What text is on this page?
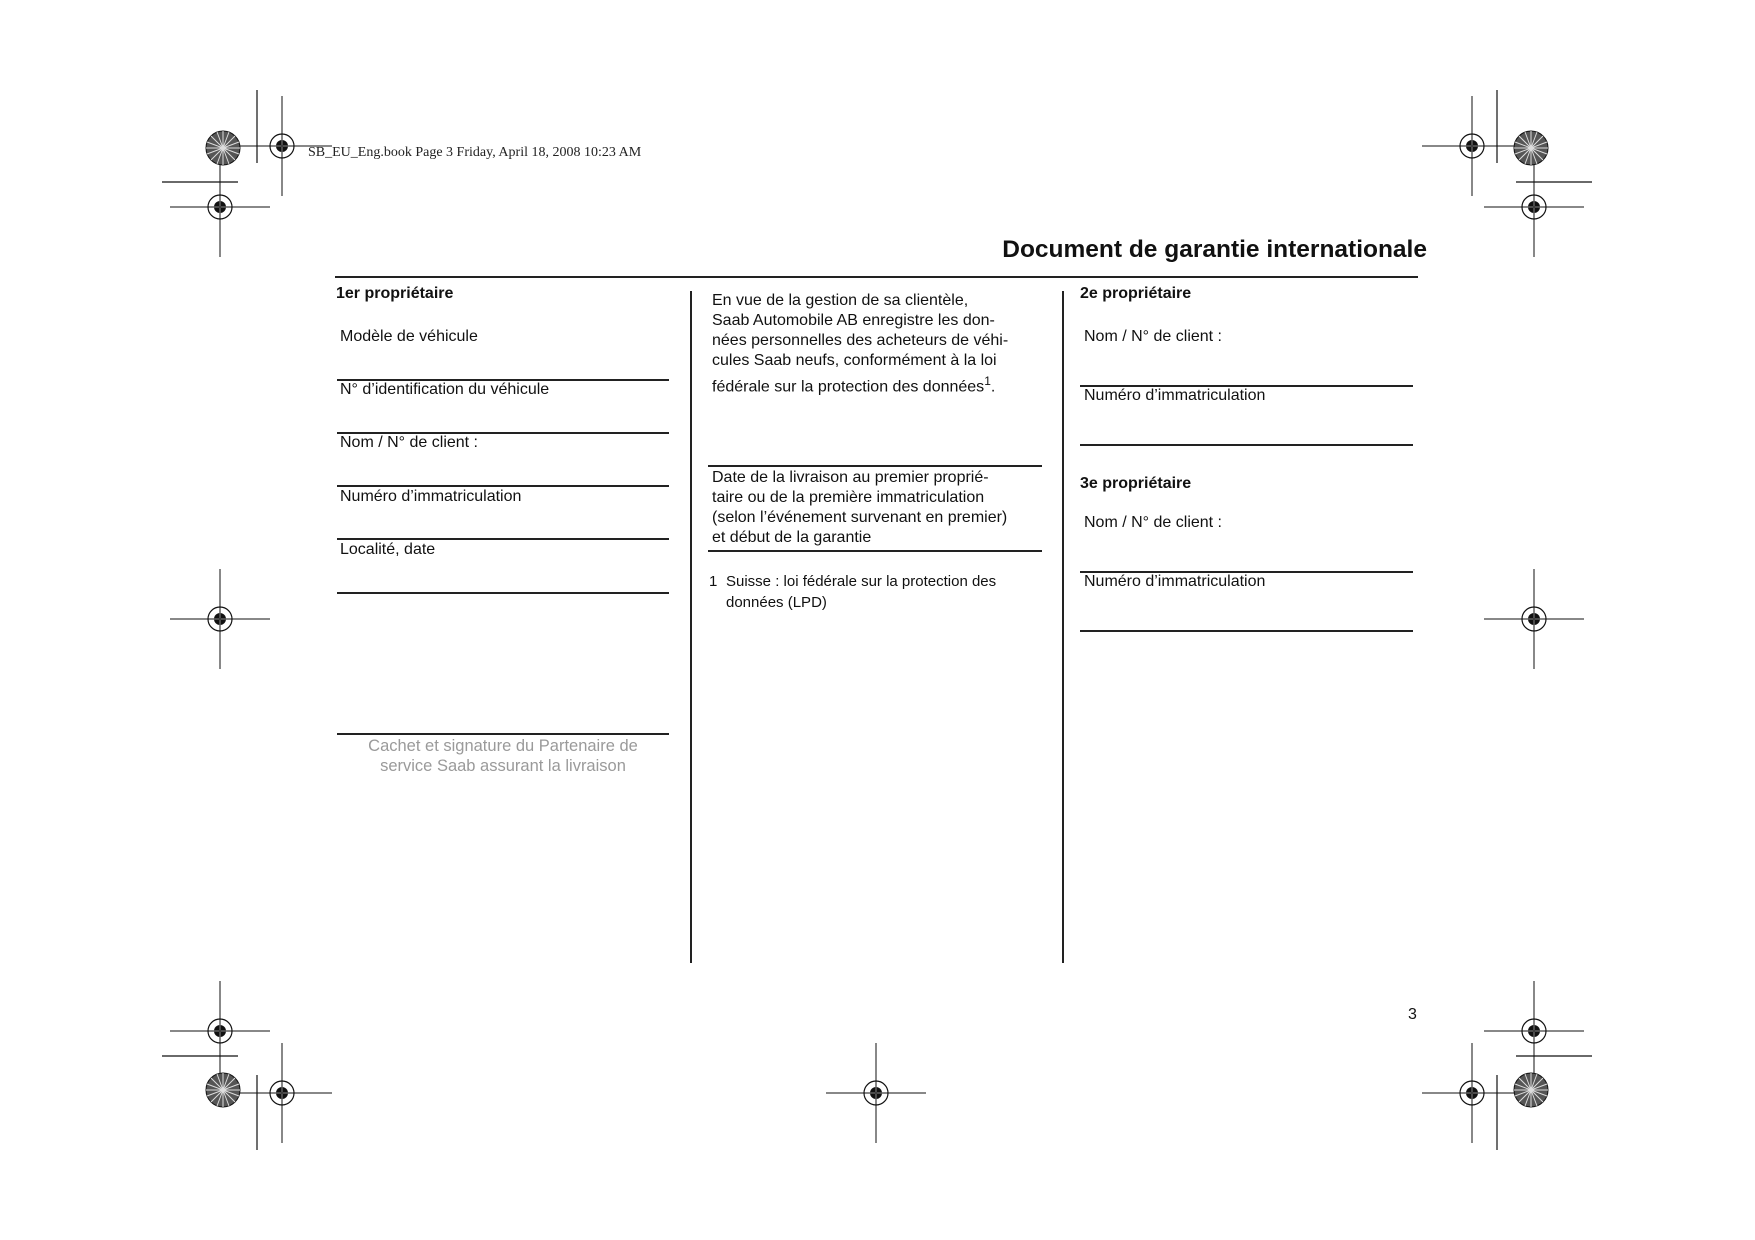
SB_EU_Eng.book Page 3 Friday, April 18, 2008 10:23 AM
Document de garantie internationale
1er propriétaire
Modèle de véhicule
N° d’identification du véhicule
Nom / N° de client :
Numéro d’immatriculation
Localité, date
Cachet et signature du Partenaire de
service Saab assurant la livraison
En vue de la gestion de sa clientèle,
Saab Automobile AB enregistre les don-
nées personnelles des acheteurs de véhi-
cules Saab neufs, conformément à la loi
fédérale sur la protection des données$^1$.
Date de la livraison au premier proprié-
taire ou de la première immatriculation
(selon l’événement survenant en premier)
et début de la garantie
1 Suisse : loi fédérale sur la protection des
données (LPD)
2e propriétaire
Nom / N° de client :
Numéro d’immatriculation
3e propriétaire
Nom / N° de client :
Numéro d’immatriculation
3
